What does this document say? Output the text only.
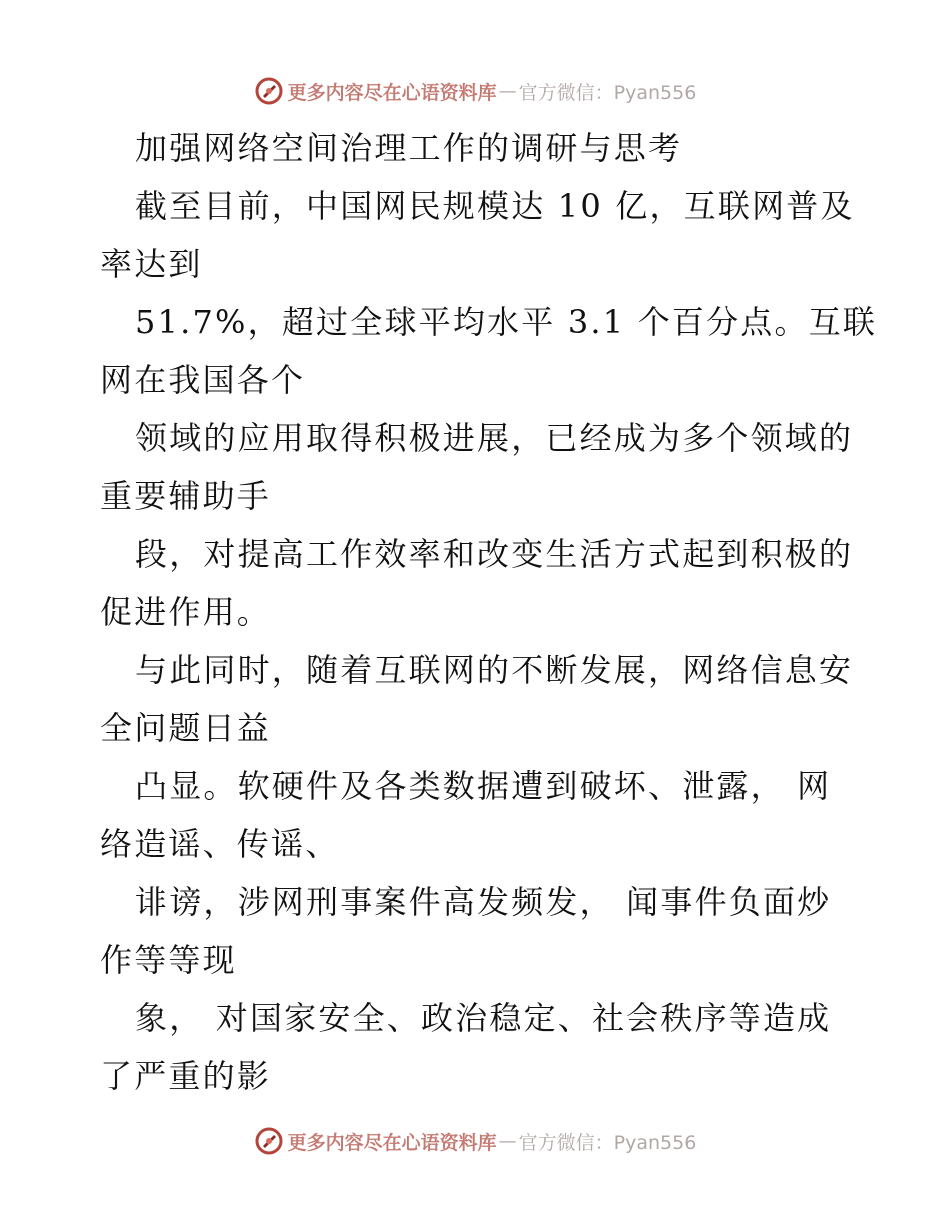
更多内容尽在心语资料库 — 官方微信：Pyan556
加强网络空间治理工作的调研与思考
截至目前，中国网民规模达 10 亿，互联网普及
率达到
51.7%，超过全球平均水平 3.1 个百分点。互联
网在我国各个
领域的应用取得积极进展，已经成为多个领域的
重要辅助手
段，对提高工作效率和改变生活方式起到积极的
促进作用。
与此同时，随着互联网的不断发展，网络信息安
全问题日益
凸显。软硬件及各类数据遭到破坏、泄露， 网
络造谣、传谣、
诽谤，涉网刑事案件高发频发， 闻事件负面炒
作等等现
象， 对国家安全、政治稳定、社会秩序等造成
了严重的影
更多内容尽在心语资料库 — 官方微信：Pyan556
